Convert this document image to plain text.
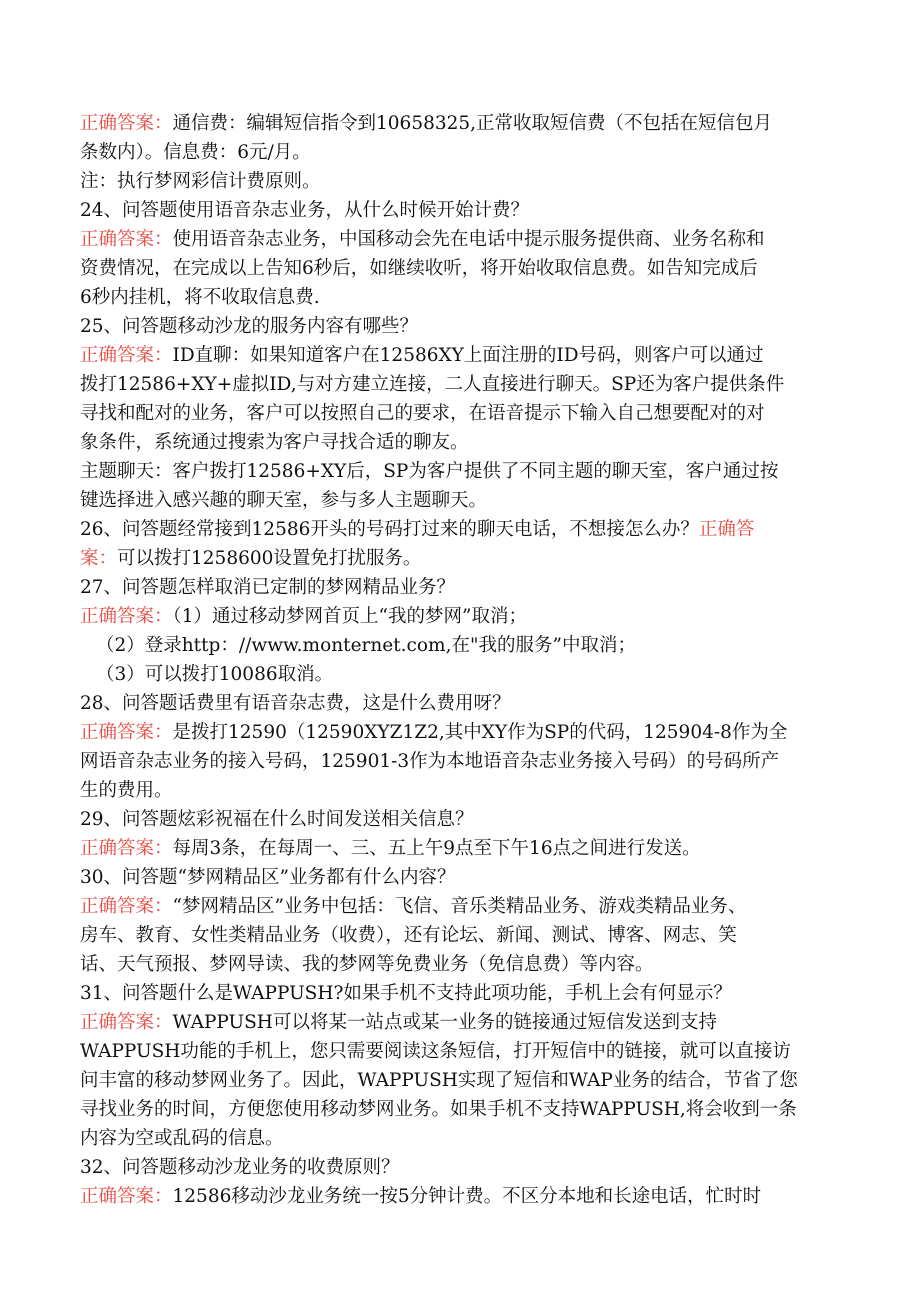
正确答案：通信费：编辑短信指令到10658325,正常收取短信费（不包括在短信包月
条数内）。信息费：6元/月。
注：执行梦网彩信计费原则。
24、问答题使用语音杂志业务，从什么时候开始计费？
正确答案：使用语音杂志业务，中国移动会先在电话中提示服务提供商、业务名称和
资费情况，在完成以上告知6秒后，如继续收听，将开始收取信息费。如告知完成后
6秒内挂机，将不收取信息费.
25、问答题移动沙龙的服务内容有哪些？
正确答案：ID直聊：如果知道客户在12586XY上面注册的ID号码，则客户可以通过
拨打12586+XY+虚拟ID,与对方建立连接，二人直接进行聊天。SP还为客户提供条件
寻找和配对的业务，客户可以按照自己的要求，在语音提示下输入自己想要配对的对
象条件，系统通过搜索为客户寻找合适的聊友。
主题聊天：客户拨打12586+XY后，SP为客户提供了不同主题的聊天室，客户通过按
键选择进入感兴趣的聊天室，参与多人主题聊天。
26、问答题经常接到12586开头的号码打过来的聊天电话，不想接怎么办？正确答
案：可以拨打1258600设置免打扰服务。
27、问答题怎样取消已定制的梦网精品业务？
正确答案：（1）通过移动梦网首页上“我的梦网”取消；
（2）登录http：//www.monternet.com,在"我的服务”中取消；
（3）可以拨打10086取消。
28、问答题话费里有语音杂志费，这是什么费用呀？
正确答案：是拨打12590（12590XYZ1Z2,其中XY作为SP的代码，125904-8作为全
网语音杂志业务的接入号码，125901-3作为本地语音杂志业务接入号码）的号码所产
生的费用。
29、问答题炫彩祝福在什么时间发送相关信息？
正确答案：每周3条，在每周一、三、五上午9点至下午16点之间进行发送。
30、问答题“梦网精品区”业务都有什么内容？
正确答案：“梦网精品区”业务中包括：飞信、音乐类精品业务、游戏类精品业务、
房车、教育、女性类精品业务（收费），还有论坛、新闻、测试、博客、网志、笑
话、天气预报、梦网导读、我的梦网等免费业务（免信息费）等内容。
31、问答题什么是WAPPUSH?如果手机不支持此项功能，手机上会有何显示？
正确答案：WAPPUSH可以将某一站点或某一业务的链接通过短信发送到支持
WAPPUSH功能的手机上，您只需要阅读这条短信，打开短信中的链接，就可以直接访
问丰富的移动梦网业务了。因此，WAPPUSH实现了短信和WAP业务的结合，节省了您
寻找业务的时间，方便您使用移动梦网业务。如果手机不支持WAPPUSH,将会收到一条
内容为空或乱码的信息。
32、问答题移动沙龙业务的收费原则？
正确答案：12586移动沙龙业务统一按5分钟计费。不区分本地和长途电话，忙时时
